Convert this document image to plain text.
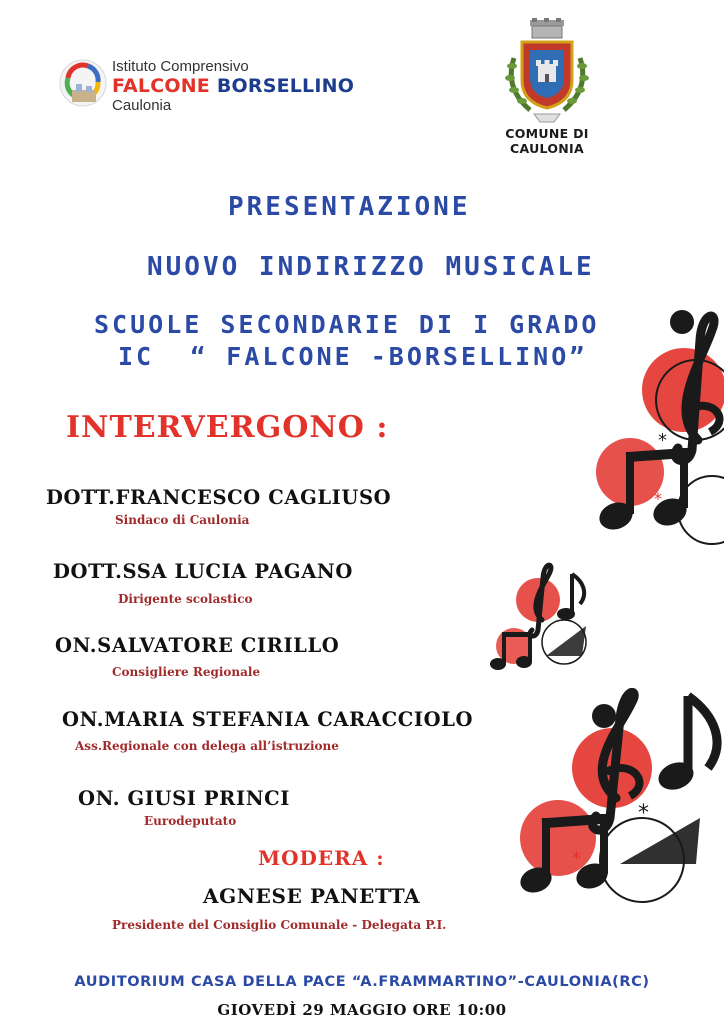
Istituto Comprensivo
FALCONE BORSELLINO
Caulonia
COMUNE DI CAULONIA
PRESENTAZIONE
NUOVO INDIRIZZO MUSICALE
SCUOLE SECONDARIE DI I GRADO
IC  “ FALCONE -BORSELLINO”
INTERVERGONO :
DOTT.FRANCESCO CAGLIUSO
Sindaco di Caulonia
DOTT.SSA LUCIA PAGANO
Dirigente scolastico
ON.SALVATORE CIRILLO
Consigliere Regionale
ON.MARIA STEFANIA CARACCIOLO
Ass.Regionale con delega all’istruzione
ON. GIUSI PRINCI
Eurodeputato
MODERA :
AGNESE PANETTA
Presidente del Consiglio Comunale - Delegata P.I.
AUDITORIUM CASA DELLA PACE “A.FRAMMARTINO”-CAULONIA(RC)
GIOVEDÌ 29 MAGGIO ORE 10:00
*
*
*
*
